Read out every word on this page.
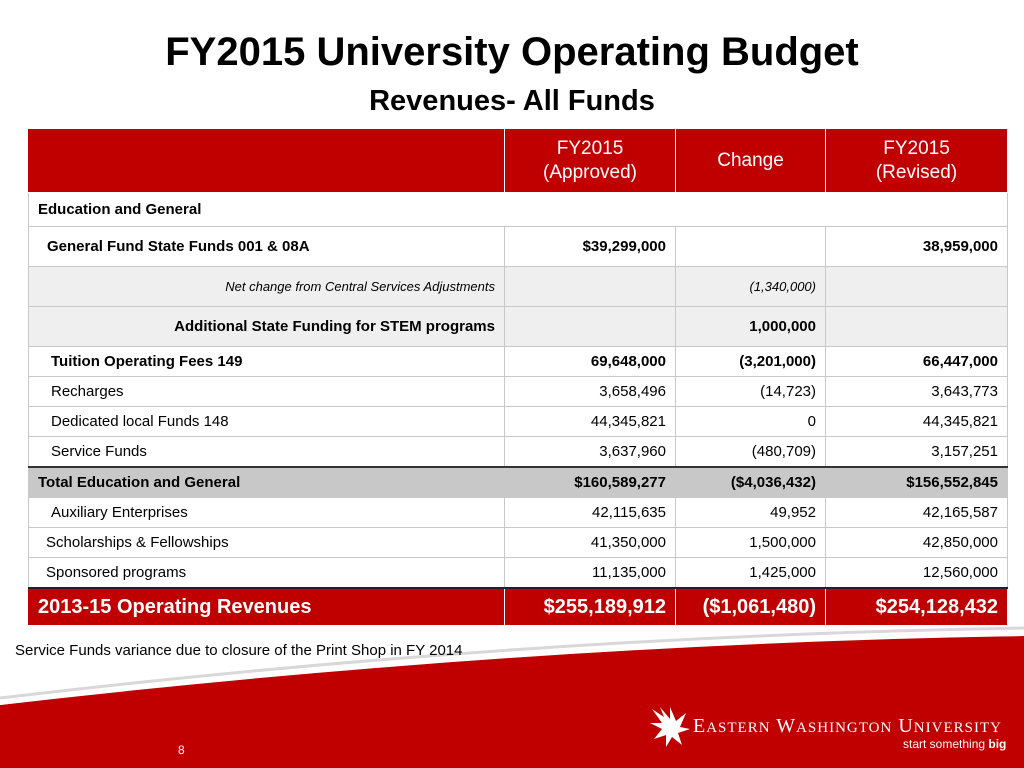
FY2015 University Operating Budget
Revenues- All Funds
	FY2015
(Approved)	Change	FY2015
(Revised)
Education and General			
General Fund State Funds 001 & 08A	$39,299,000		38,959,000
Net change from Central Services Adjustments		(1,340,000)	
Additional State Funding for STEM programs		1,000,000	
Tuition Operating Fees 149	69,648,000	(3,201,000)	66,447,000
Recharges	3,658,496	(14,723)	3,643,773
Dedicated local Funds 148	44,345,821	0	44,345,821
Service Funds	3,637,960	(480,709)	3,157,251
Total Education and General	$160,589,277	($4,036,432)	$156,552,845
Auxiliary Enterprises	42,115,635	49,952	42,165,587
Scholarships & Fellowships	41,350,000	1,500,000	42,850,000
Sponsored programs	11,135,000	1,425,000	12,560,000
2013-15 Operating Revenues	$255,189,912	($1,061,480)	$254,128,432
Service Funds variance due to closure of the Print Shop in FY 2014
8
EASTERN WASHINGTON UNIVERSITY
start something big
